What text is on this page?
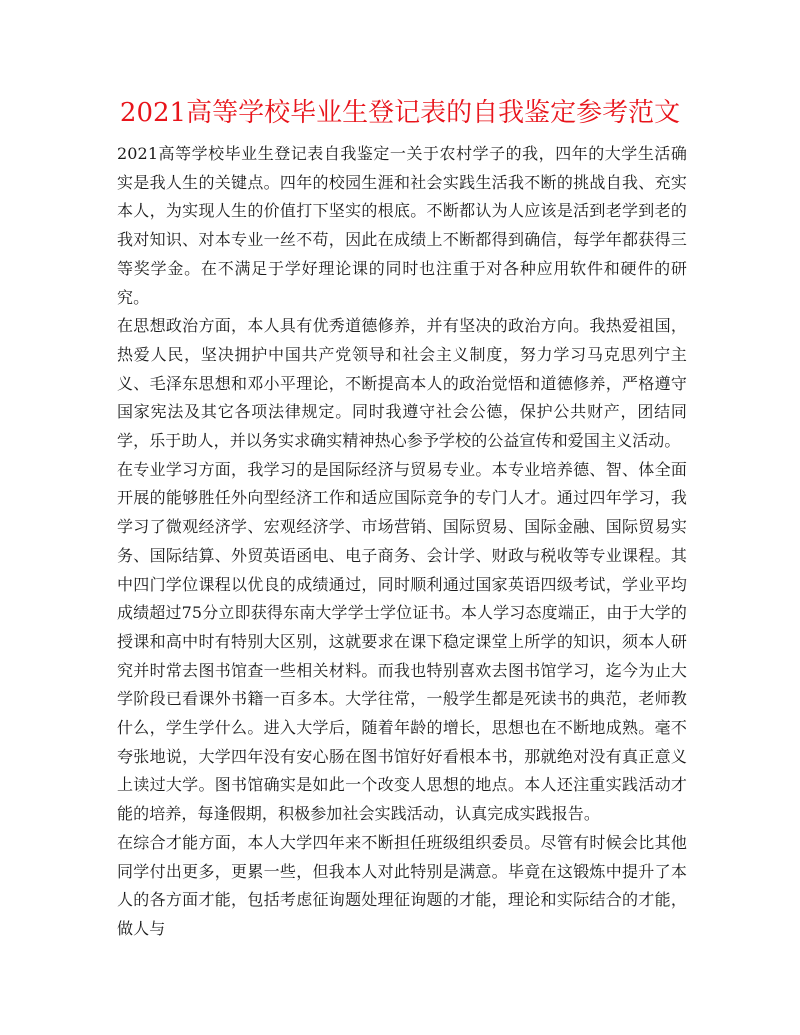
2021高等学校毕业生登记表的自我鉴定参考范文

2021高等学校毕业生登记表自我鉴定一关于农村学子的我，四年的大学生活确实是我人生的关键点。四年的校园生涯和社会实践生活我不断的挑战自我、充实本人，为实现人生的价值打下坚实的根底。不断都认为人应该是活到老学到老的我对知识、对本专业一丝不苟，因此在成绩上不断都得到确信，每学年都获得三等奖学金。在不满足于学好理论课的同时也注重于对各种应用软件和硬件的研究。

在思想政治方面，本人具有优秀道德修养，并有坚决的政治方向。我热爱祖国，热爱人民，坚决拥护中国共产党领导和社会主义制度，努力学习马克思列宁主义、毛泽东思想和邓小平理论，不断提高本人的政治觉悟和道德修养，严格遵守国家宪法及其它各项法律规定。同时我遵守社会公德，保护公共财产，团结同学，乐于助人，并以务实求确实精神热心参予学校的公益宣传和爱国主义活动。

在专业学习方面，我学习的是国际经济与贸易专业。本专业培养德、智、体全面开展的能够胜任外向型经济工作和适应国际竞争的专门人才。通过四年学习，我学习了微观经济学、宏观经济学、市场营销、国际贸易、国际金融、国际贸易实务、国际结算、外贸英语函电、电子商务、会计学、财政与税收等专业课程。其中四门学位课程以优良的成绩通过，同时顺利通过国家英语四级考试，学业平均成绩超过75分立即获得东南大学学士学位证书。本人学习态度端正，由于大学的授课和高中时有特别大区别，这就要求在课下稳定课堂上所学的知识，须本人研究并时常去图书馆查一些相关材料。而我也特别喜欢去图书馆学习，迄今为止大学阶段已看课外书籍一百多本。大学往常，一般学生都是死读书的典范，老师教什么，学生学什么。进入大学后，随着年龄的增长，思想也在不断地成熟。毫不夸张地说，大学四年没有安心肠在图书馆好好看根本书，那就绝对没有真正意义上读过大学。图书馆确实是如此一个改变人思想的地点。本人还注重实践活动才能的培养，每逢假期，积极参加社会实践活动，认真完成实践报告。

在综合才能方面，本人大学四年来不断担任班级组织委员。尽管有时候会比其他同学付出更多，更累一些，但我本人对此特别是满意。毕竟在这锻炼中提升了本人的各方面才能，包括考虑征询题处理征询题的才能，理论和实际结合的才能，做人与
